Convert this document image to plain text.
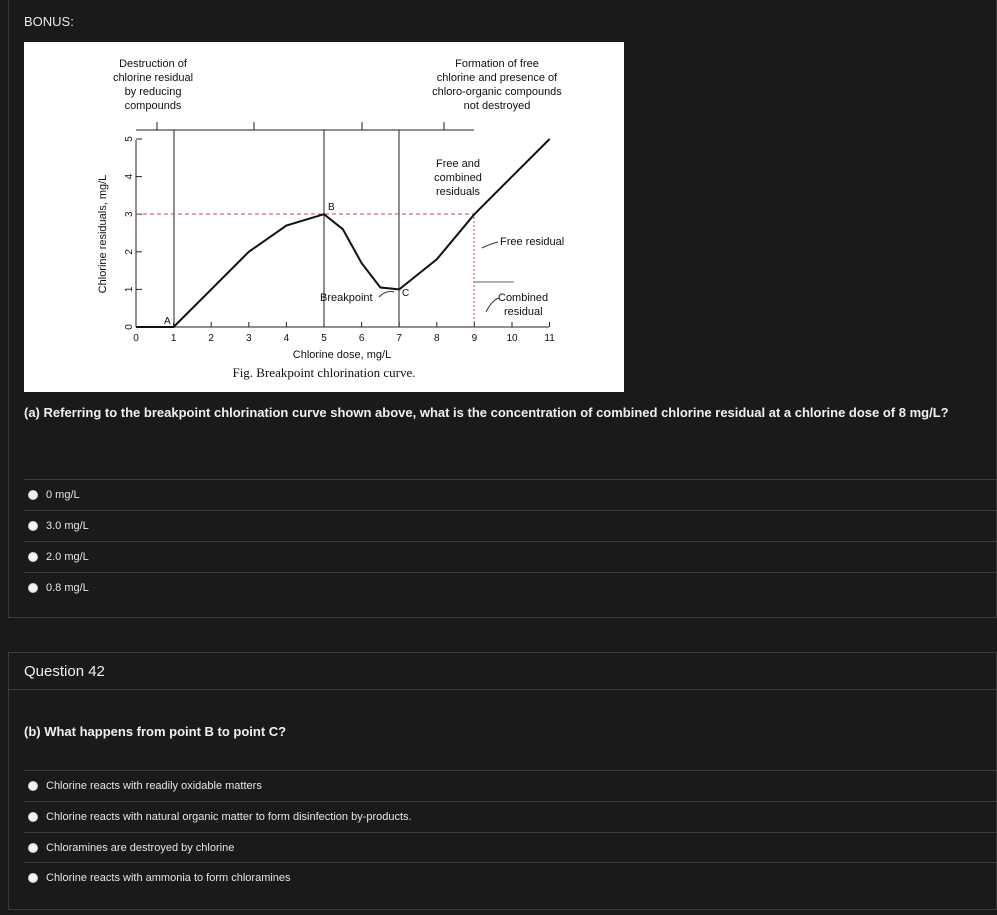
BONUS:
Destruction of
chlorine residual
by reducing
compounds
Formation of free
chlorine and presence of
chloro-organic compounds
not destroyed
0
1
2
3
4
5
0	1	2	3	4	5	6	7	8	9	10	11
A
B
C
Breakpoint
Free and
combined
residuals
Free residual
Combined
residual
Chlorine residuals, mg/L
Chlorine dose, mg/L
Fig. Breakpoint chlorination curve.
(a) Referring to the breakpoint chlorination curve shown above, what is the concentration of combined chlorine residual at a chlorine dose of 8 mg/L?
0 mg/L
3.0 mg/L
2.0 mg/L
0.8 mg/L
Question 42
(b) What happens from point B to point C?
Chlorine reacts with readily oxidable matters
Chlorine reacts with natural organic matter to form disinfection by-products.
Chloramines are destroyed by chlorine
Chlorine reacts with ammonia to form chloramines
